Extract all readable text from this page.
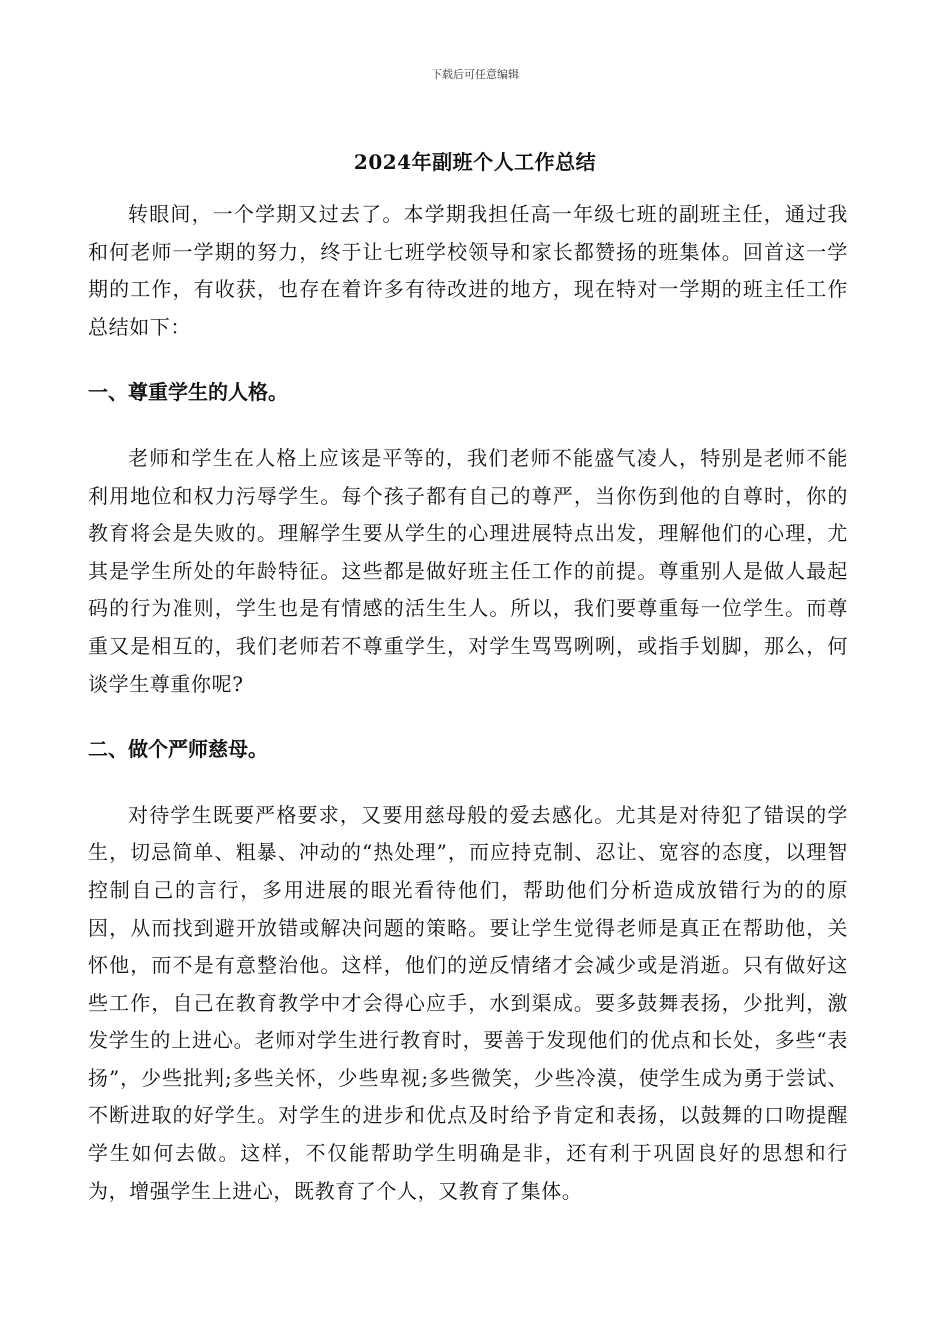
下载后可任意编辑
2024年副班个人工作总结

转眼间，一个学期又过去了。本学期我担任高一年级七班的副班主任，通过我和何老师一学期的努力，终于让七班学校领导和家长都赞扬的班集体。回首这一学期的工作，有收获，也存在着许多有待改进的地方，现在特对一学期的班主任工作总结如下：

一、尊重学生的人格。

老师和学生在人格上应该是平等的，我们老师不能盛气凌人，特别是老师不能利用地位和权力污辱学生。每个孩子都有自己的尊严，当你伤到他的自尊时，你的教育将会是失败的。理解学生要从学生的心理进展特点出发，理解他们的心理，尤其是学生所处的年龄特征。这些都是做好班主任工作的前提。尊重别人是做人最起码的行为准则，学生也是有情感的活生生人。所以，我们要尊重每一位学生。而尊重又是相互的，我们老师若不尊重学生，对学生骂骂咧咧，或指手划脚，那么，何谈学生尊重你呢?

二、做个严师慈母。

对待学生既要严格要求，又要用慈母般的爱去感化。尤其是对待犯了错误的学生，切忌简单、粗暴、冲动的“热处理”，而应持克制、忍让、宽容的态度，以理智控制自己的言行，多用进展的眼光看待他们，帮助他们分析造成放错行为的的原因，从而找到避开放错或解决问题的策略。要让学生觉得老师是真正在帮助他，关怀他，而不是有意整治他。这样，他们的逆反情绪才会减少或是消逝。只有做好这些工作，自己在教育教学中才会得心应手，水到渠成。要多鼓舞表扬，少批判，激发学生的上进心。老师对学生进行教育时，要善于发现他们的优点和长处，多些“表扬”，少些批判;多些关怀，少些卑视;多些微笑，少些冷漠，使学生成为勇于尝试、不断进取的好学生。对学生的进步和优点及时给予肯定和表扬，以鼓舞的口吻提醒学生如何去做。这样，不仅能帮助学生明确是非，还有利于巩固良好的思想和行为，增强学生上进心，既教育了个人，又教育了集体。
